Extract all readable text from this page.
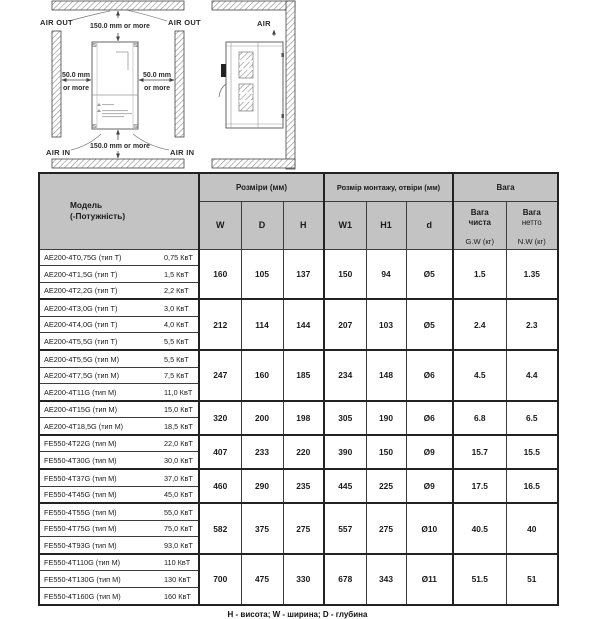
AIR OUT	AIR OUT
150.0 mm or more
150.0 mm or more
50.0 mm
or more
50.0 mm
or more
AIR IN	AIR IN
AIR
Модель
(-Потужність)	Розміри (мм)			Розмір монтажу, отвіри (мм)			Вага	
W	D	H	W1	H1	d	
Вага
чиста
G.W (кг)

Вага
нетто
N.W (кг)

AE200-4T0,75G (тип Т) 0,75 КвТ	160	105	137	150	94	Ø5	1.5	1.35
AE200-4T1,5G (тип Т) 1,5 КвТ								
AE200-4T2,2G (тип Т) 2,2 КвТ								
AE200-4T3,0G (тип Т) 3,0 КвТ	212	114	144	207	103	Ø5	2.4	2.3
AE200-4T4,0G (тип Т) 4,0 КвТ								
AE200-4T5,5G (тип Т) 5,5 КвТ								
AE200-4T5,5G (тип М) 5,5 КвТ	247	160	185	234	148	Ø6	4.5	4.4
AE200-4T7,5G (тип М) 7,5 КвТ								
AE200-4T11G (тип М) 11,0 КвТ								
AE200-4T15G (тип М) 15,0 КвТ	320	200	198	305	190	Ø6	6.8	6.5
AE200-4T18,5G (тип М) 18,5 КвТ								
FE550-4T22G (тип М) 22,0 КвТ	407	233	220	390	150	Ø9	15.7	15.5
FE550-4T30G (тип М) 30,0 КвТ								
FE550-4T37G (тип М) 37,0 КвТ	460	290	235	445	225	Ø9	17.5	16.5
FE550-4T45G (тип М) 45,0 КвТ								
FE550-4T55G (тип М) 55,0 КвТ	582	375	275	557	275	Ø10	40.5	40
FE550-4T75G (тип М) 75,0 КвТ								
FE550-4T93G (тип М) 93,0 КвТ								
FE550-4T110G (тип М) 110 КвТ	700	475	330	678	343	Ø11	51.5	51
FE550-4T130G (тип М) 130 КвТ								
FE550-4T160G (тип М) 160 КвТ								
H - висота; W - ширина; D - глубина
